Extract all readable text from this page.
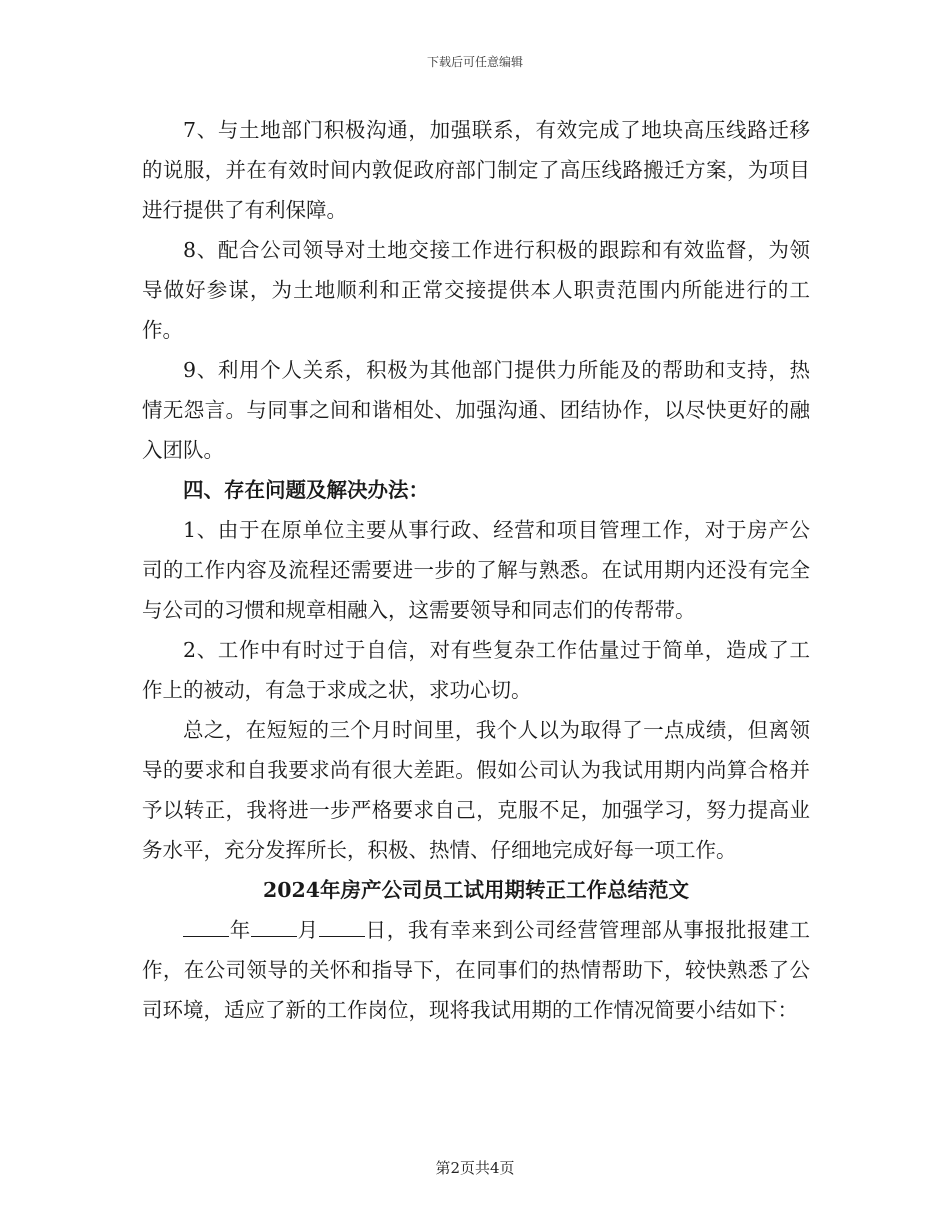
下载后可任意编辑

7、与土地部门积极沟通，加强联系，有效完成了地块高压线路迁移的说服，并在有效时间内敦促政府部门制定了高压线路搬迁方案，为项目进行提供了有利保障。

8、配合公司领导对土地交接工作进行积极的跟踪和有效监督，为领导做好参谋，为土地顺利和正常交接提供本人职责范围内所能进行的工作。

9、利用个人关系，积极为其他部门提供力所能及的帮助和支持，热情无怨言。与同事之间和谐相处、加强沟通、团结协作，以尽快更好的融入团队。

四、存在问题及解决办法：

1、由于在原单位主要从事行政、经营和项目管理工作，对于房产公司的工作内容及流程还需要进一步的了解与熟悉。在试用期内还没有完全与公司的习惯和规章相融入，这需要领导和同志们的传帮带。

2、工作中有时过于自信，对有些复杂工作估量过于简单，造成了工作上的被动，有急于求成之状，求功心切。

总之，在短短的三个月时间里，我个人以为取得了一点成绩，但离领导的要求和自我要求尚有很大差距。假如公司认为我试用期内尚算合格并予以转正，我将进一步严格要求自己，克服不足，加强学习，努力提高业务水平，充分发挥所长，积极、热情、仔细地完成好每一项工作。

2024年房产公司员工试用期转正工作总结范文

年 月 日，我有幸来到公司经营管理部从事报批报建工作，在公司领导的关怀和指导下，在同事们的热情帮助下，较快熟悉了公司环境，适应了新的工作岗位，现将我试用期的工作情况简要小结如下：

第2页共4页
